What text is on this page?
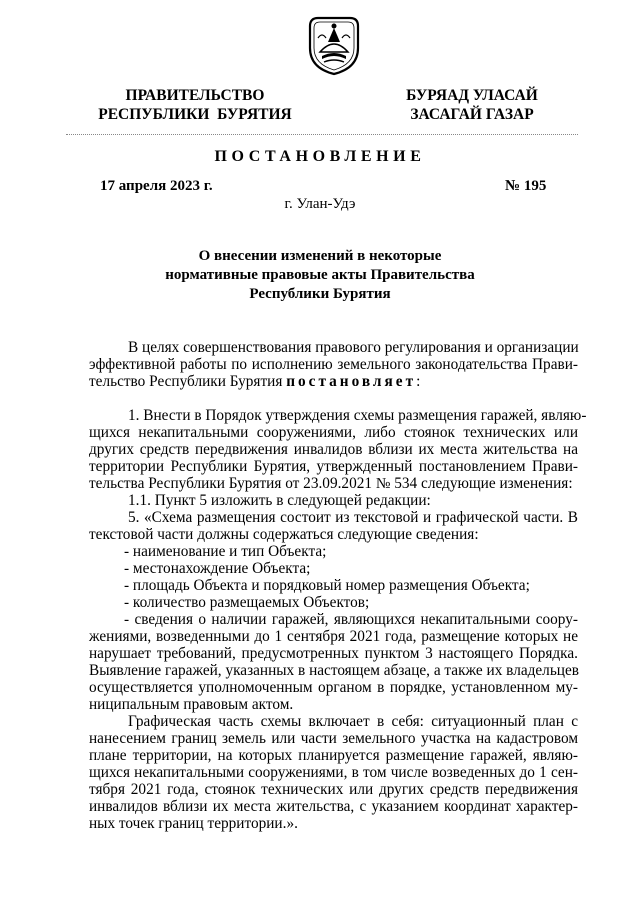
ПРАВИТЕЛЬСТВО
РЕСПУБЛИКИ  БУРЯТИЯ
БУРЯАД УЛАСАЙ
ЗАСАГАЙ ГАЗАР
ПОСТАНОВЛЕНИЕ
17 апреля 2023 г.	№ 195
г. Улан-Удэ
О внесении изменений в некоторые
нормативные правовые акты Правительства
Республики Бурятия
В целях совершенствования правового регулирования и организации
эффективной работы по исполнению земельного законодательства Прави-
тельство Республики Бурятия постановляет:
1. Внести в Порядок утверждения схемы размещения гаражей, являю-
щихся некапитальными сооружениями, либо стоянок технических или
других средств передвижения инвалидов вблизи их места жительства на
территории Республики Бурятия, утвержденный постановлением Прави-
тельства Республики Бурятия от 23.09.2021 № 534 следующие изменения:
1.1. Пункт 5 изложить в следующей редакции:
5. «Схема размещения состоит из текстовой и графической части. В
текстовой части должны содержаться следующие сведения:
- наименование и тип Объекта;
- местонахождение Объекта;
- площадь Объекта и порядковый номер размещения Объекта;
- количество размещаемых Объектов;
- сведения о наличии гаражей, являющихся некапитальными соору-
жениями, возведенными до 1 сентября 2021 года, размещение которых не
нарушает требований, предусмотренных пунктом 3 настоящего Порядка.
Выявление гаражей, указанных в настоящем абзаце, а также их владельцев
осуществляется уполномоченным органом в порядке, установленном му-
ниципальным правовым актом.
Графическая часть схемы включает в себя: ситуационный план с
нанесением границ земель или части земельного участка на кадастровом
плане территории, на которых планируется размещение гаражей, являю-
щихся некапитальными сооружениями, в том числе возведенных до 1 сен-
тября 2021 года, стоянок технических или других средств передвижения
инвалидов вблизи их места жительства, с указанием координат характер-
ных точек границ территории.».
